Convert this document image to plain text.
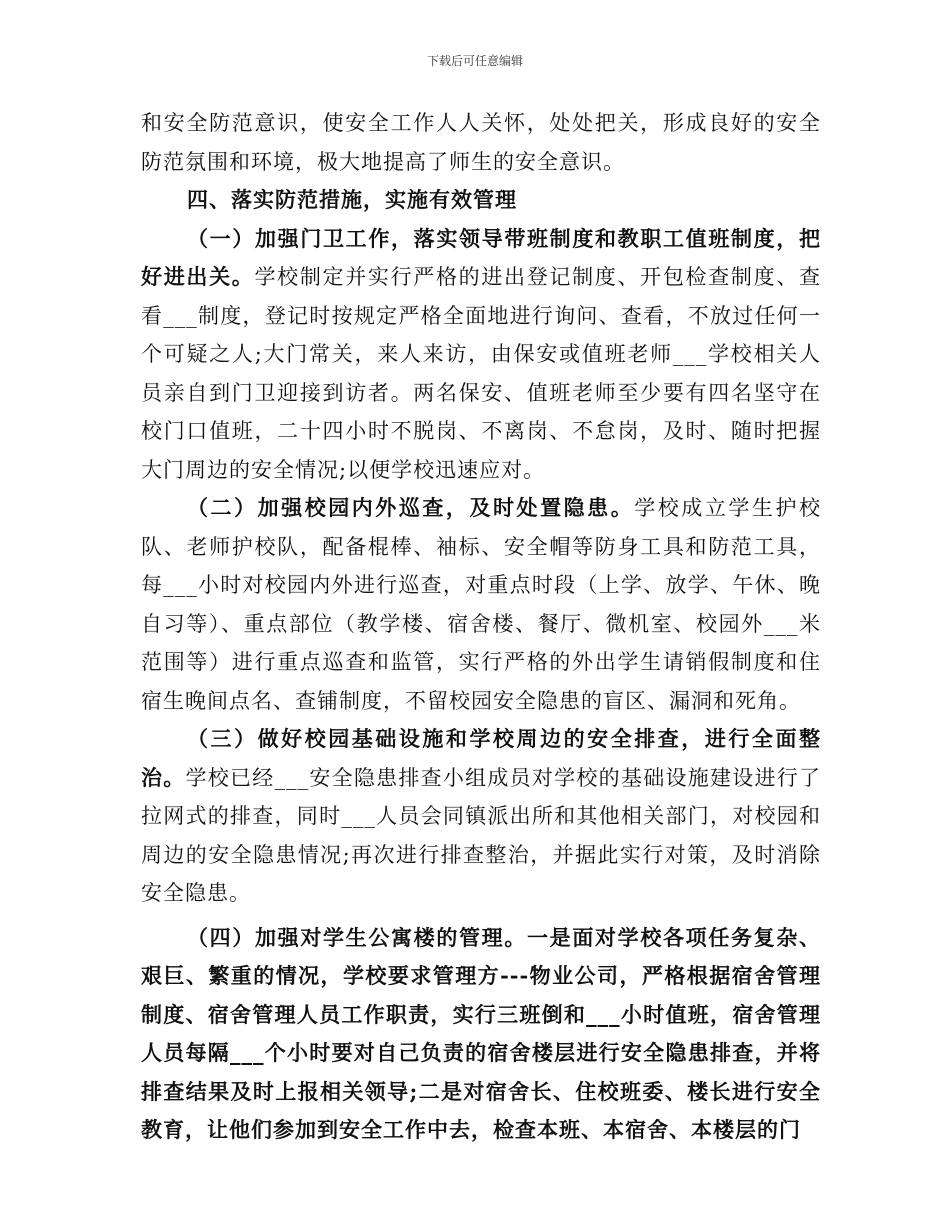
下载后可任意编辑

和安全防范意识，使安全工作人人关怀，处处把关，形成良好的安全防范氛围和环境，极大地提高了师生的安全意识。

四、落实防范措施，实施有效管理

（一）加强门卫工作，落实领导带班制度和教职工值班制度，把好进出关。学校制定并实行严格的进出登记制度、开包检查制度、查看___制度，登记时按规定严格全面地进行询问、查看，不放过任何一个可疑之人;大门常关，来人来访，由保安或值班老师___学校相关人员亲自到门卫迎接到访者。两名保安、值班老师至少要有四名坚守在校门口值班，二十四小时不脱岗、不离岗、不怠岗，及时、随时把握大门周边的安全情况;以便学校迅速应对。

（二）加强校园内外巡查，及时处置隐患。学校成立学生护校队、老师护校队，配备棍棒、袖标、安全帽等防身工具和防范工具，每___小时对校园内外进行巡查，对重点时段（上学、放学、午休、晚自习等）、重点部位（教学楼、宿舍楼、餐厅、微机室、校园外___米范围等）进行重点巡查和监管，实行严格的外出学生请销假制度和住宿生晚间点名、查铺制度，不留校园安全隐患的盲区、漏洞和死角。

（三）做好校园基础设施和学校周边的安全排查，进行全面整治。学校已经___安全隐患排查小组成员对学校的基础设施建设进行了拉网式的排查，同时___人员会同镇派出所和其他相关部门，对校园和周边的安全隐患情况;再次进行排查整治，并据此实行对策，及时消除安全隐患。

（四）加强对学生公寓楼的管理。一是面对学校各项任务复杂、艰巨、繁重的情况，学校要求管理方---物业公司，严格根据宿舍管理制度、宿舍管理人员工作职责，实行三班倒和___小时值班，宿舍管理人员每隔___个小时要对自己负责的宿舍楼层进行安全隐患排查，并将排查结果及时上报相关领导;二是对宿舍长、住校班委、楼长进行安全教育，让他们参加到安全工作中去，检查本班、本宿舍、本楼层的门
